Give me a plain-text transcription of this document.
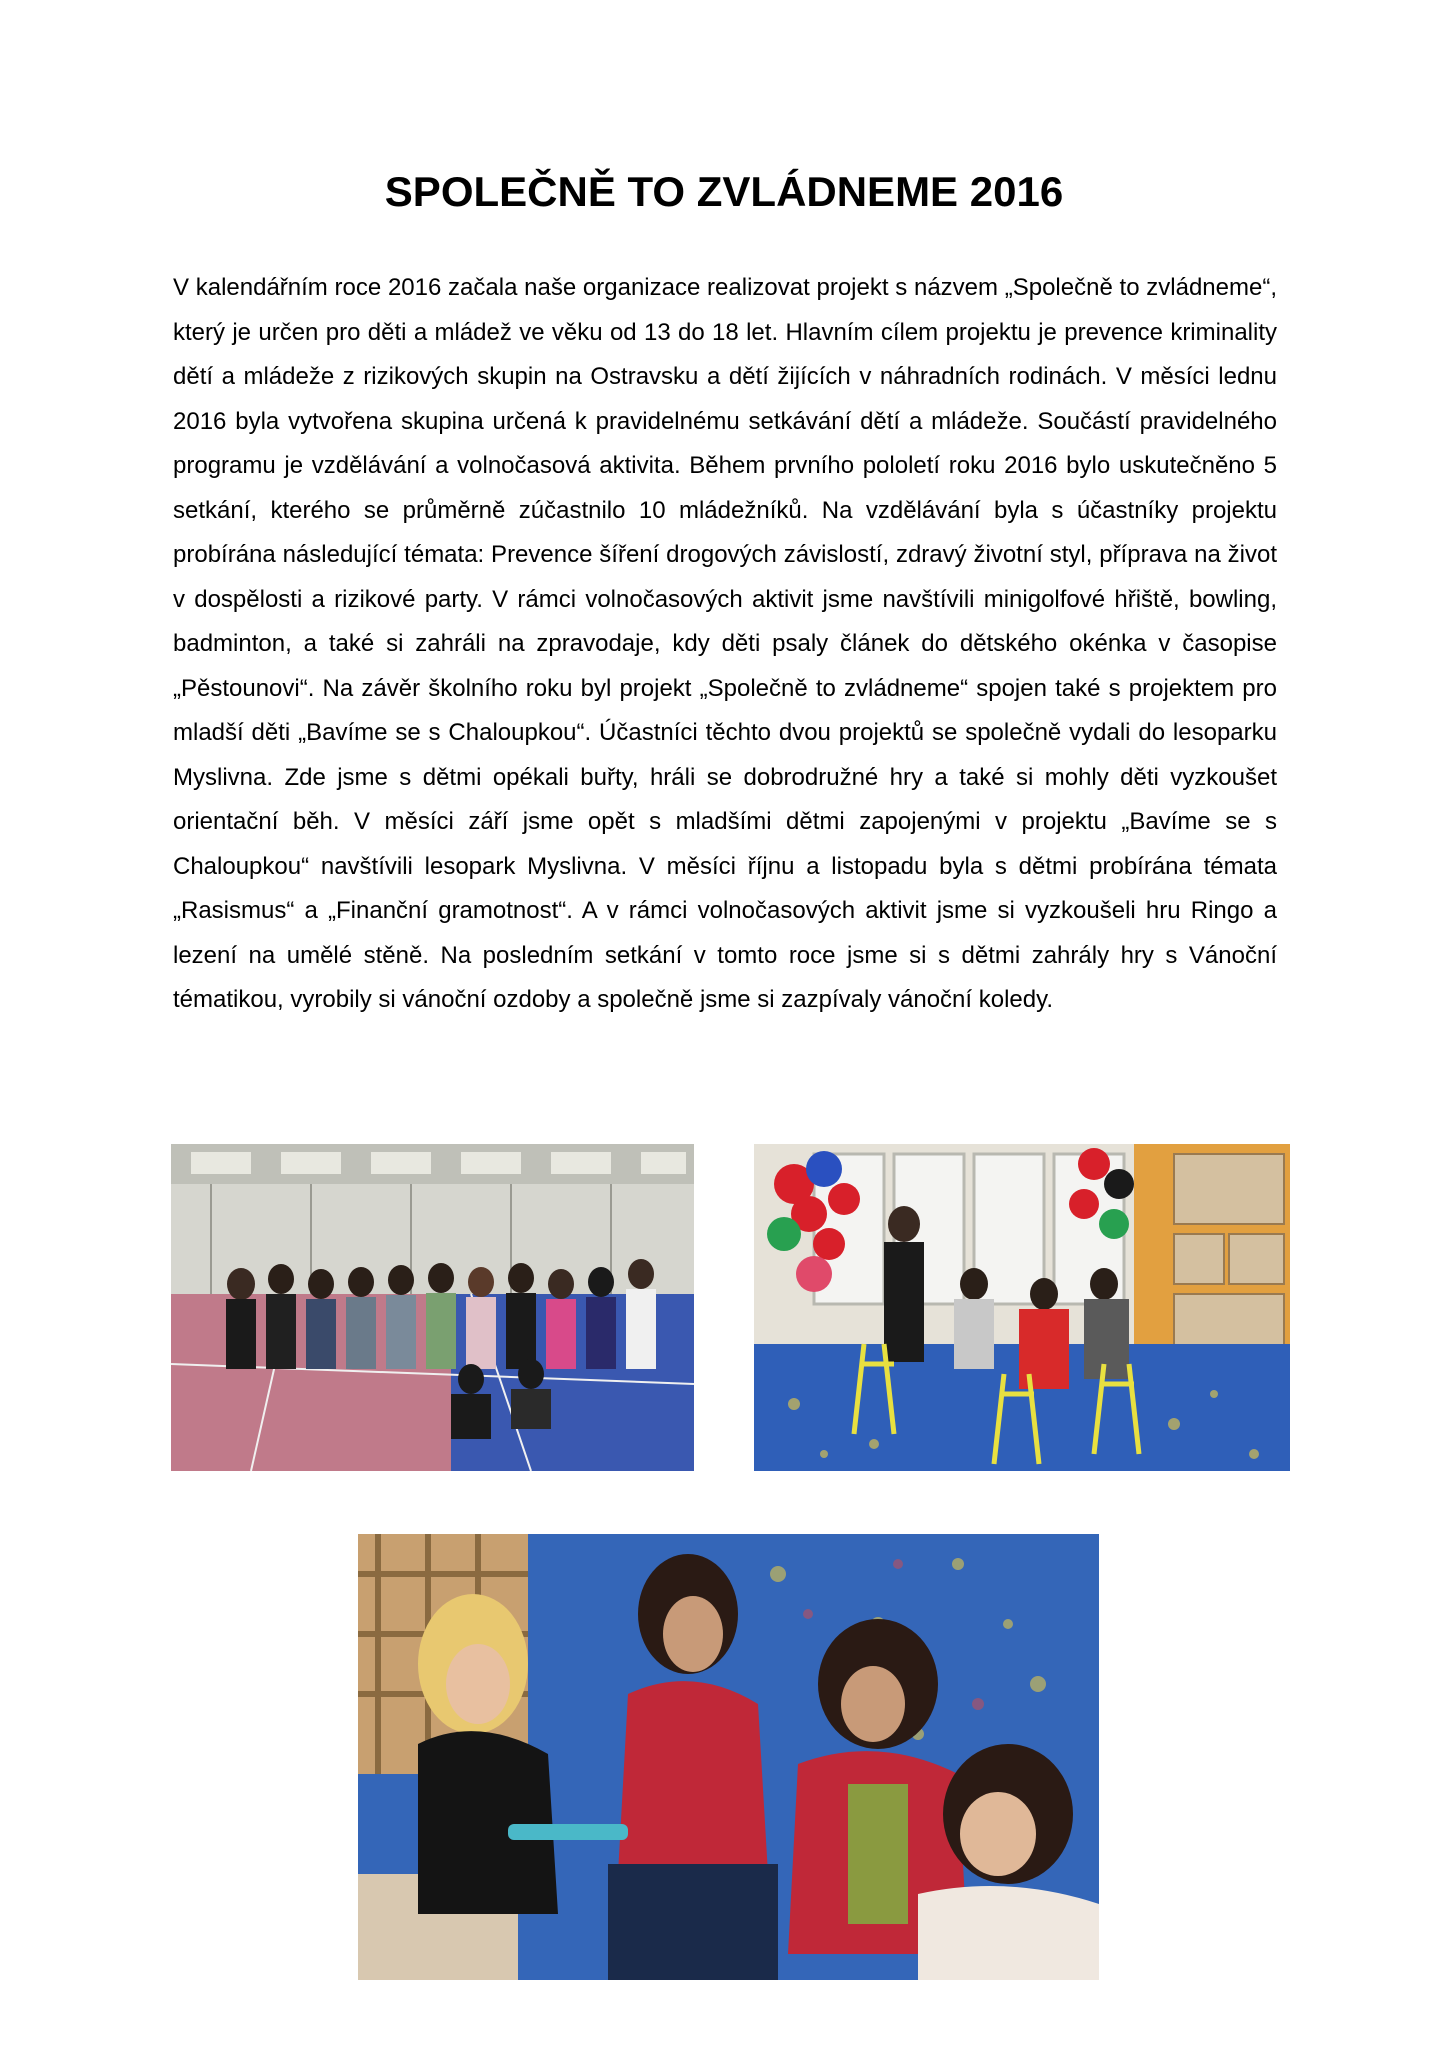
SPOLEČNĚ TO ZVLÁDNEME 2016

V kalendářním roce 2016 začala naše organizace realizovat projekt s názvem „Společně to zvládneme“, který je určen pro děti a mládež ve věku od 13 do 18 let. Hlavním cílem projektu je prevence kriminality dětí a mládeže z rizikových skupin na Ostravsku a dětí žijících v náhradních rodinách. V měsíci lednu 2016 byla vytvořena skupina určená k pravidelnému setkávání dětí a mládeže. Součástí pravidelného programu je vzdělávání a volnočasová aktivita. Během prvního pololetí roku 2016 bylo uskutečněno 5 setkání, kterého se průměrně zúčastnilo 10 mládežníků. Na vzdělávání byla s účastníky projektu probírána následující témata: Prevence šíření drogových závislostí, zdravý životní styl, příprava na život v dospělosti a rizikové party. V rámci volnočasových aktivit jsme navštívili minigolfové hřiště, bowling, badminton, a také si zahráli na zpravodaje, kdy děti psaly článek do dětského okénka v časopise „Pěstounovi“. Na závěr školního roku byl projekt „Společně to zvládneme“ spojen také s projektem pro mladší děti „Bavíme se s Chaloupkou“. Účastníci těchto dvou projektů se společně vydali do lesoparku Myslivna. Zde jsme s dětmi opékali buřty, hráli se dobrodružné hry a také si mohly děti vyzkoušet orientační běh. V měsíci září jsme opět s mladšími dětmi zapojenými v projektu „Bavíme se s Chaloupkou“ navštívili lesopark Myslivna. V měsíci říjnu a listopadu byla s dětmi probírána témata „Rasismus“ a „Finanční gramotnost“. A v rámci volnočasových aktivit jsme si vyzkoušeli hru Ringo a lezení na umělé stěně. Na posledním setkání v tomto roce jsme si s dětmi zahrály hry s Vánoční tématikou, vyrobily si vánoční ozdoby a společně jsme si zazpívaly vánoční koledy.
